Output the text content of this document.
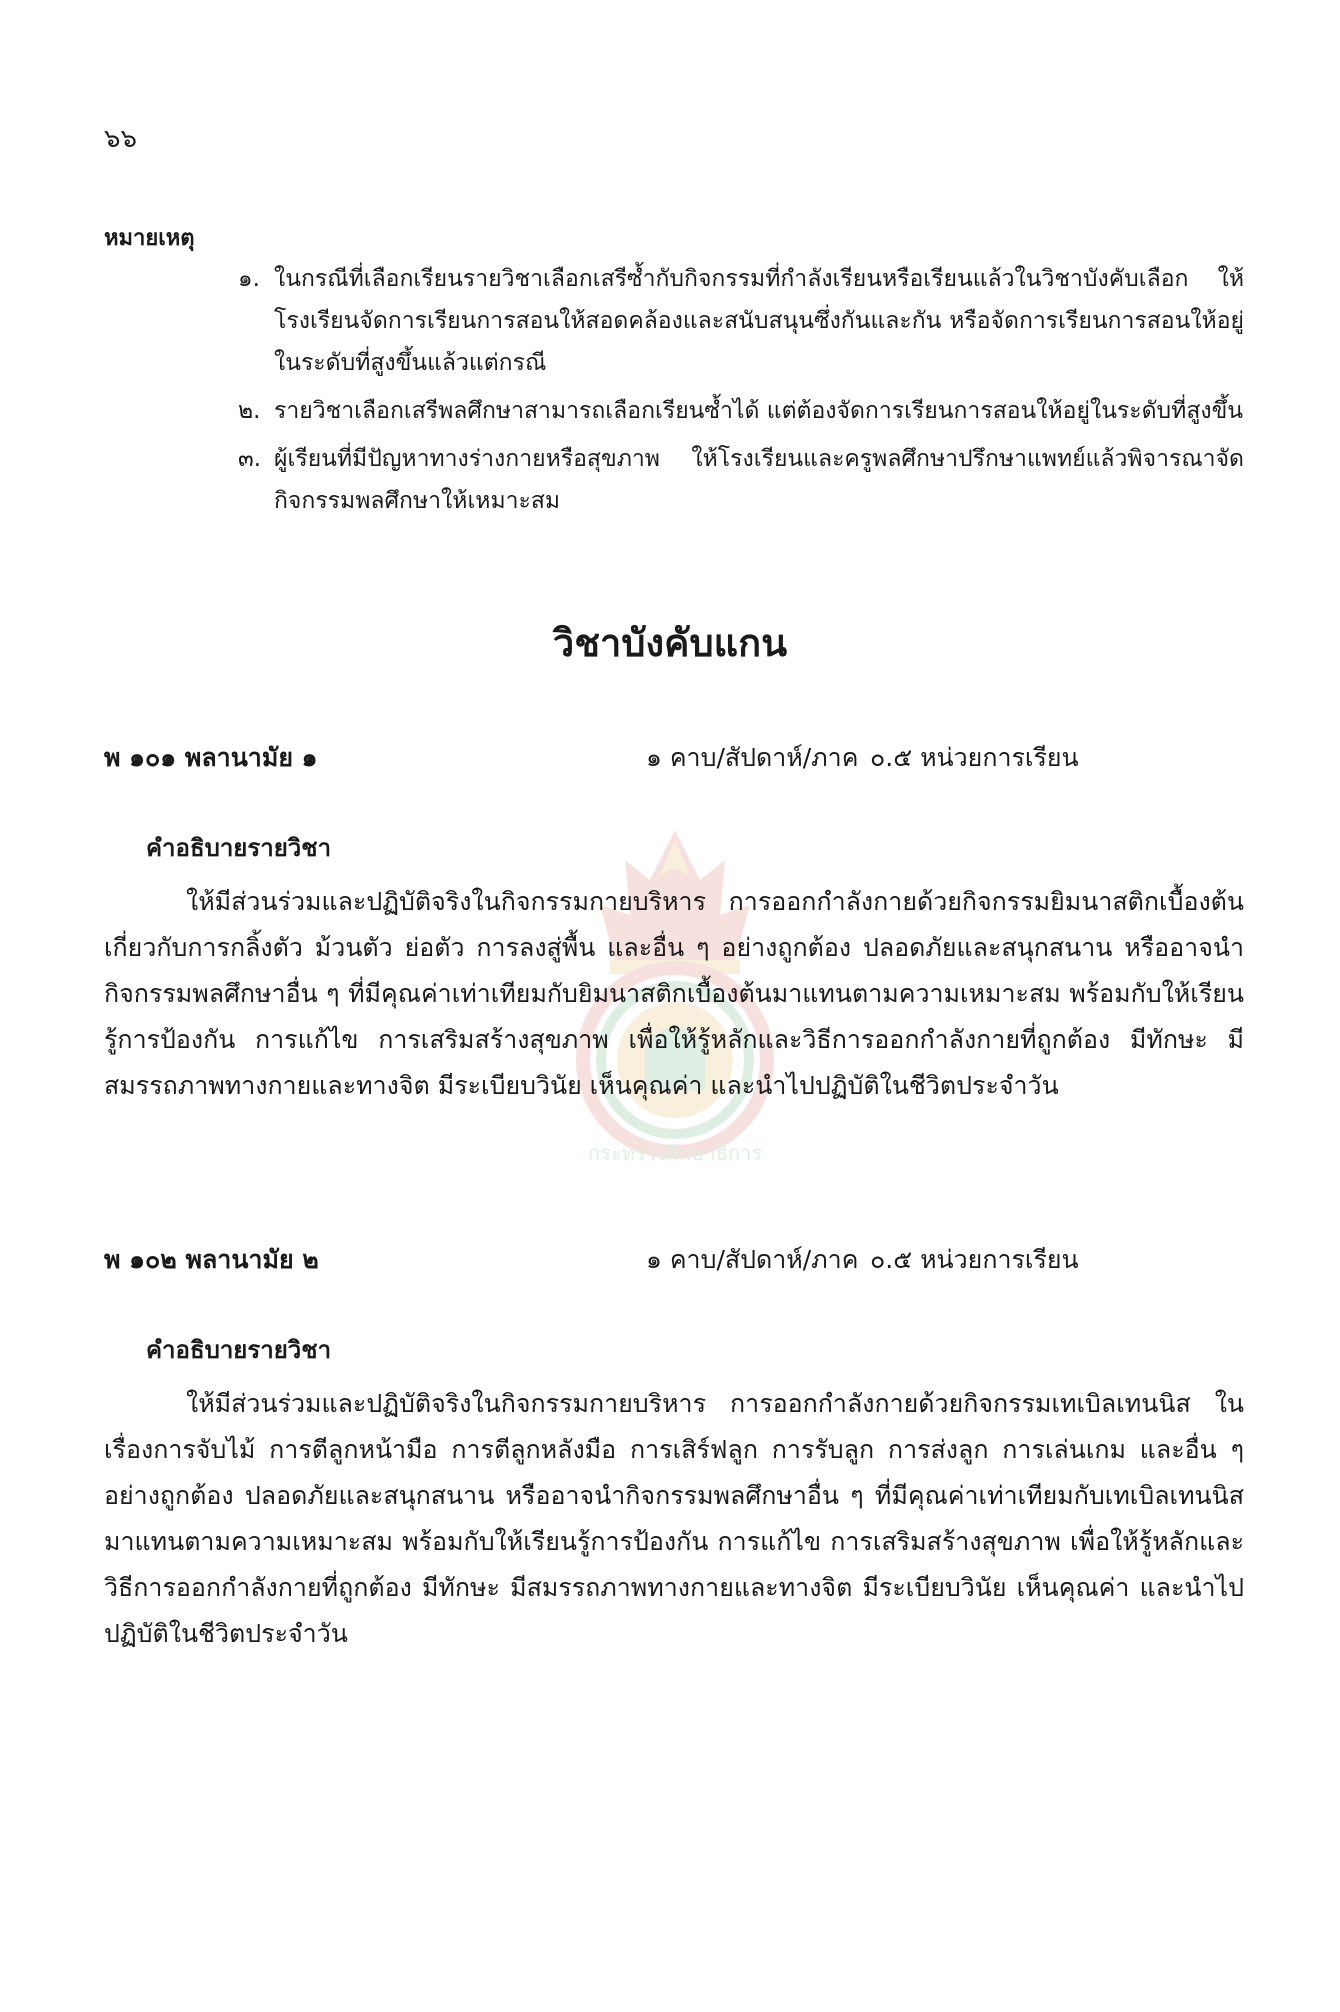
กระทรวงศึกษาธิการ
๖๖
หมายเหตุ
๑. ในกรณีที่เลือกเรียนรายวิชาเลือกเสรีซ้ำกับกิจกรรมที่กำลังเรียนหรือเรียนแล้วในวิชาบังคับเลือก ให้โรงเรียนจัดการเรียนการสอนให้สอดคล้องและสนับสนุนซึ่งกันและกัน หรือจัดการเรียนการสอนให้อยู่ในระดับที่สูงขึ้นแล้วแต่กรณี
๒. รายวิชาเลือกเสรีพลศึกษาสามารถเลือกเรียนซ้ำได้ แต่ต้องจัดการเรียนการสอนให้อยู่ในระดับที่สูงขึ้น
๓. ผู้เรียนที่มีปัญหาทางร่างกายหรือสุขภาพ ให้โรงเรียนและครูพลศึกษาปรึกษาแพทย์แล้วพิจารณาจัดกิจกรรมพลศึกษาให้เหมาะสม
วิชาบังคับแกน
พ ๑๐๑ พลานามัย ๑	๑ คาบ/สัปดาห์/ภาค ๐.๕ หน่วยการเรียน
คำอธิบายรายวิชา
ให้มีส่วนร่วมและปฏิบัติจริงในกิจกรรมกายบริหาร การออกกำลังกายด้วยกิจกรรมยิมนาสติกเบื้องต้น เกี่ยวกับการกลิ้งตัว ม้วนตัว ย่อตัว การลงสู่พื้น และอื่น ๆ อย่างถูกต้อง ปลอดภัยและสนุกสนาน หรืออาจนำกิจกรรมพลศึกษาอื่น ๆ ที่มีคุณค่าเท่าเทียมกับยิมนาสติกเบื้องต้นมาแทนตามความเหมาะสม พร้อมกับให้เรียนรู้การป้องกัน การแก้ไข การเสริมสร้างสุขภาพ เพื่อให้รู้หลักและวิธีการออกกำลังกายที่ถูกต้อง มีทักษะ มีสมรรถภาพทางกายและทางจิต มีระเบียบวินัย เห็นคุณค่า และนำไปปฏิบัติในชีวิตประจำวัน
พ ๑๐๒ พลานามัย ๒	๑ คาบ/สัปดาห์/ภาค ๐.๕ หน่วยการเรียน
คำอธิบายรายวิชา
ให้มีส่วนร่วมและปฏิบัติจริงในกิจกรรมกายบริหาร การออกกำลังกายด้วยกิจกรรมเทเบิลเทนนิส ในเรื่องการจับไม้ การตีลูกหน้ามือ การตีลูกหลังมือ การเสิร์ฟลูก การรับลูก การส่งลูก การเล่นเกม และอื่น ๆ อย่างถูกต้อง ปลอดภัยและสนุกสนาน หรืออาจนำกิจกรรมพลศึกษาอื่น ๆ ที่มีคุณค่าเท่าเทียมกับเทเบิลเทนนิสมาแทนตามความเหมาะสม พร้อมกับให้เรียนรู้การป้องกัน การแก้ไข การเสริมสร้างสุขภาพ เพื่อให้รู้หลักและวิธีการออกกำลังกายที่ถูกต้อง มีทักษะ มีสมรรถภาพทางกายและทางจิต มีระเบียบวินัย เห็นคุณค่า และนำไปปฏิบัติในชีวิตประจำวัน
